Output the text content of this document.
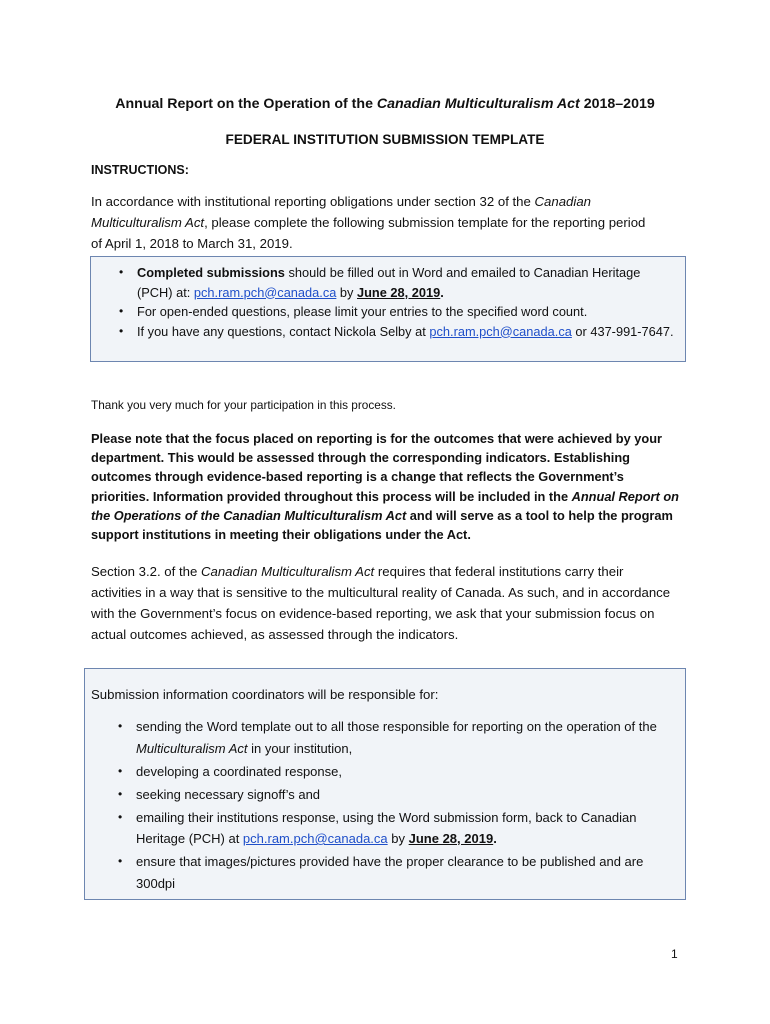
Annual Report on the Operation of the Canadian Multiculturalism Act 2018–2019
FEDERAL INSTITUTION SUBMISSION TEMPLATE
INSTRUCTIONS:
In accordance with institutional reporting obligations under section 32 of the Canadian Multiculturalism Act, please complete the following submission template for the reporting period of April 1, 2018 to March 31, 2019.
• Completed submissions should be filled out in Word and emailed to Canadian Heritage (PCH) at: pch.ram.pch@canada.ca by June 28, 2019.
• For open-ended questions, please limit your entries to the specified word count.
• If you have any questions, contact Nickola Selby at pch.ram.pch@canada.ca or 437-991-7647.
Thank you very much for your participation in this process.
Please note that the focus placed on reporting is for the outcomes that were achieved by your department. This would be assessed through the corresponding indicators. Establishing outcomes through evidence-based reporting is a change that reflects the Government’s priorities. Information provided throughout this process will be included in the Annual Report on the Operations of the Canadian Multiculturalism Act and will serve as a tool to help the program support institutions in meeting their obligations under the Act.
Section 3.2. of the Canadian Multiculturalism Act requires that federal institutions carry their activities in a way that is sensitive to the multicultural reality of Canada. As such, and in accordance with the Government’s focus on evidence-based reporting, we ask that your submission focus on actual outcomes achieved, as assessed through the indicators.
Submission information coordinators will be responsible for:
• sending the Word template out to all those responsible for reporting on the operation of the Multiculturalism Act in your institution,
• developing a coordinated response,
• seeking necessary signoff’s and
• emailing their institutions response, using the Word submission form, back to Canadian Heritage (PCH) at pch.ram.pch@canada.ca by June 28, 2019.
• ensure that images/pictures provided have the proper clearance to be published and are 300dpi
1
